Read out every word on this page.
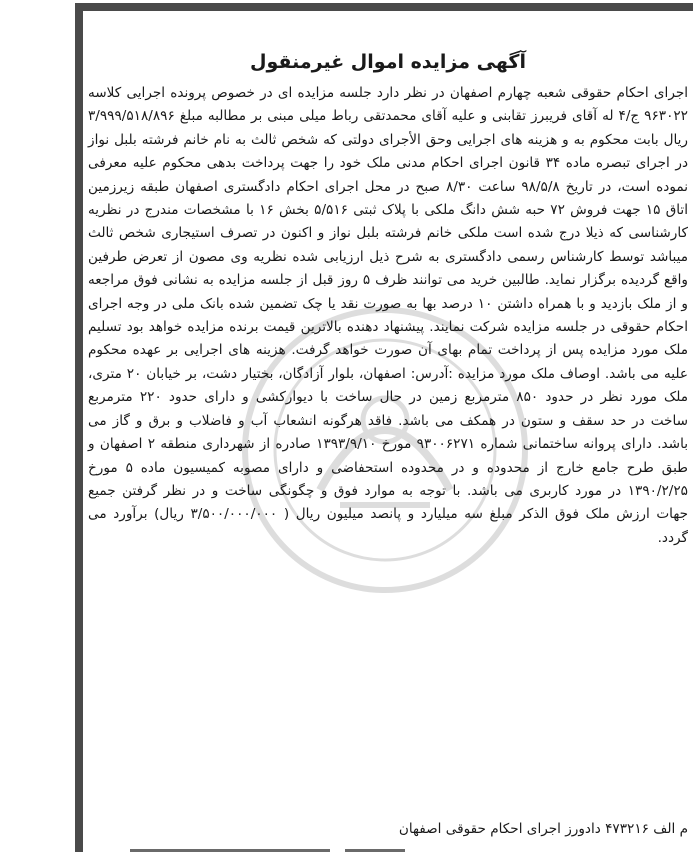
آگهی مزایده اموال غیرمنقول

اجرای احکام حقوقی شعبه چهارم اصفهان در نظر دارد جلسه مزایده ای در خصوص پرونده اجرایی کلاسه ۹۶۳۰۲۲ ج/۴ له آقای فریبرز تقابنی و علیه آقای محمدتقی رباط میلی مبنی بر مطالبه مبلغ ۳/۹۹۹/۵۱۸/۸۹۶ ریال بابت محکوم به و هزینه های اجرایی وحق الأجرای دولتی که شخص ثالث به نام خانم فرشته بلبل نواز در اجرای تبصره ماده ۳۴ قانون اجرای احکام مدنی ملک خود را جهت پرداخت بدهی محکوم علیه معرفی نموده است، در تاریخ ۹۸/۵/۸ ساعت ۸/۳۰ صبح در محل اجرای احکام دادگستری اصفهان طبقه زیرزمین اتاق ۱۵ جهت فروش ۷۲ حبه شش دانگ ملکی با پلاک ثبتی ۵/۵۱۶ بخش ۱۶ با مشخصات مندرج در نظریه کارشناسی که ذیلا درج شده است ملکی خانم فرشته بلبل نواز و اکنون در تصرف استیجاری شخص ثالث میباشد توسط کارشناس رسمی دادگستری به شرح ذیل ارزیابی شده نظریه وی مصون از تعرض طرفین واقع گردیده برگزار نماید. طالبین خرید می توانند ظرف ۵ روز قبل از جلسه مزایده به نشانی فوق مراجعه و از ملک بازدید و با همراه داشتن ۱۰ درصد بها به صورت نقد یا چک تضمین شده بانک ملی در وجه اجرای احکام حقوقی در جلسه مزایده شرکت نمایند. پیشنهاد دهنده بالاترین قیمت برنده مزایده خواهد بود تسلیم ملک مورد مزایده پس از پرداخت تمام بهای آن صورت خواهد گرفت. هزینه های اجرایی بر عهده محکوم علیه می باشد. اوصاف ملک مورد مزایده :آدرس: اصفهان، بلوار آزادگان، بختیار دشت، بر خیابان ۲۰ متری، ملک مورد نظر در حدود ۸۵۰ مترمربع زمین در حال ساخت با دیوارکشی و دارای حدود ۲۲۰ مترمربع ساخت در حد سقف و ستون در همکف می باشد. فاقد هرگونه انشعاب آب و فاضلاب و برق و گاز می باشد. دارای پروانه ساختمانی شماره ۹۳۰۰۶۲۷۱ مورخ ۱۳۹۳/۹/۱۰ صادره از شهرداری منطقه ۲ اصفهان و طبق طرح جامع خارج از محدوده و در محدوده استحفاضی و دارای مصوبه کمیسیون ماده ۵ مورخ ۱۳۹۰/۲/۲۵ در مورد کاربری می باشد. با توجه به موارد فوق و چگونگی ساخت و در نظر گرفتن جمیع جهات ارزش ملک فوق الذکر مبلغ سه میلیارد و پانصد میلیون ریال ( ۳/۵۰۰/۰۰۰/۰۰۰ ریال) برآورد می گردد.

م الف ۴۷۳۲۱۶ دادورز اجرای احکام حقوقی اصفهان
